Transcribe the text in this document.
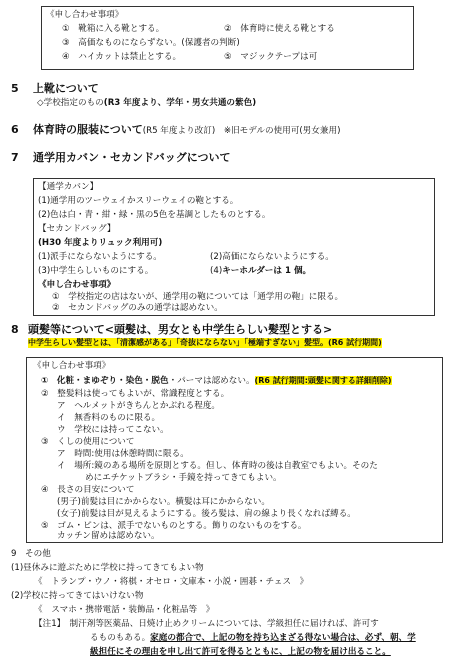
《申し合わせ事項》
①　靴箱に入る靴とする。	②　体育時に使える靴とする
③　高価なものにならずない。(保護者の判断)
④　ハイカットは禁止とする。	⑤　マジックテープは可
5 上靴について
◇学校指定のもの(R3 年度より、学年・男女共通の紫色)
6 体育時の服装について(R5 年度より改訂)　※旧モデルの使用可(男女兼用)
7 通学用カバン・セカンドバッグについて
【通学カバン】
(1)通学用のツーウェイかスリーウェイの鞄とする。
(2)色は白・青・紺・緑・黒の5色を基調としたものとする。
【セカンドバッグ】
(H30 年度よりリュック利用可)
(1)派手にならないようにする。	(2)高価にならないようにする。
(3)中学生らしいものにする。	(4)キーホルダーは 1 個。
《申し合わせ事項》
①　学校指定の店はないが、通学用の鞄については「通学用の鞄」に限る。
②　セカンドバッグのみの通学は認めない。
8 頭髪等について<頭髪は、男女とも中学生らしい髪型とする>
中学生らしい髪型とは、「清潔感がある」「奇抜にならない」「極端すぎない」髪型。(R6 試行期間)
《申し合わせ事項》
①　化粧・まゆぞり・染色・脱色・パーマは認めない。(R6 試行期間:頭髪に関する詳細削除)
②　整髪料は使ってもよいが、常識程度とする。
ア　ヘルメットがきちんとかぶれる程度。
イ　無香料のものに限る。
ウ　学校には持ってこない。
③　くしの使用について
ア　時間:使用は休憩時間に限る。
イ　場所:鏡のある場所を原則とする。但し、体育時の後は自教室でもよい。そのた
めにエチケットブラシ・手鏡を持ってきてもよい。
④　長さの目安について
(男子)前髪は目にかからない。横髪は耳にかからない。
(女子)前髪は目が見えるようにする。後ろ髪は、肩の線より長くなれば縛る。
⑤　ゴム・ピンは、派手でないものとする。飾りのないものをする。
カッチン留めは認めない。
9　その他
(1)昼休みに遊ぶために学校に持ってきてもよい物
《　トランプ・ウノ・将棋・オセロ・文庫本・小説・囲碁・チェス　》
(2)学校に持ってきてはいけない物
《　スマホ・携帯電話・装飾品・化粧品等　》
【注1】　制汗剤等医薬品、日焼け止めクリームについては、学級担任に届ければ、許可す
るものもある。家庭の都合で、上記の物を持ち込まざる得ない場合は、必ず、朝、学
級担任にその理由を申し出て許可を得るとともに、上記の物を届け出ること。
